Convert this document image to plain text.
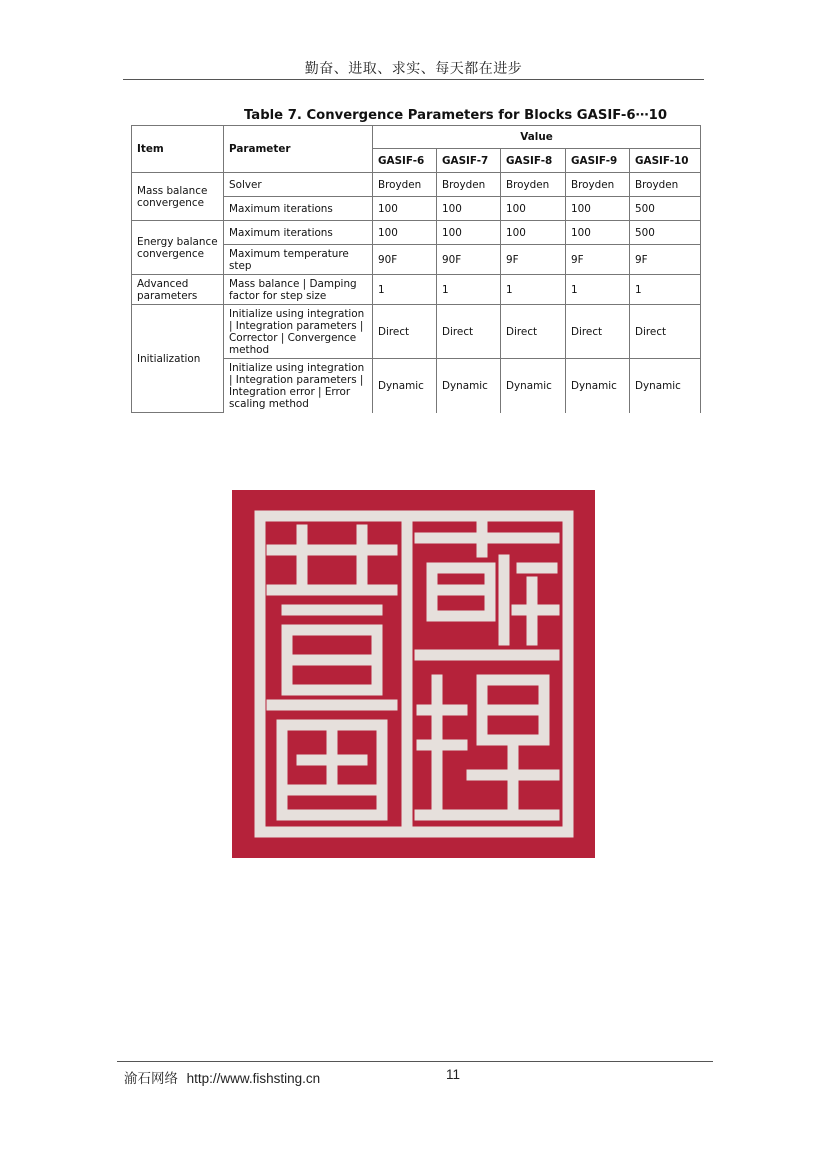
勤奋、进取、求实、每天都在进步
Table 7. Convergence Parameters for Blocks GASIF-6⋯10
Item	Parameter	Value				
		GASIF-6	GASIF-7	GASIF-8	GASIF-9	GASIF-10
Mass balance convergence	Solver	Broyden	Broyden	Broyden	Broyden	Broyden
	Maximum iterations	100	100	100	100	500
Energy balance convergence	Maximum iterations	100	100	100	100	500
	Maximum temperature step	90F	90F	9F	9F	9F
Advanced parameters	Mass balance | Damping factor for step size	1	1	1	1	1
Initialization	Initialize using integration | Integration parameters | Corrector | Convergence method	Direct	Direct	Direct	Direct	Direct
	Initialize using integration | Integration parameters | Integration error | Error scaling method	Dynamic	Dynamic	Dynamic	Dynamic	Dynamic
渝石网络 http://www.fishsting.cn	11
